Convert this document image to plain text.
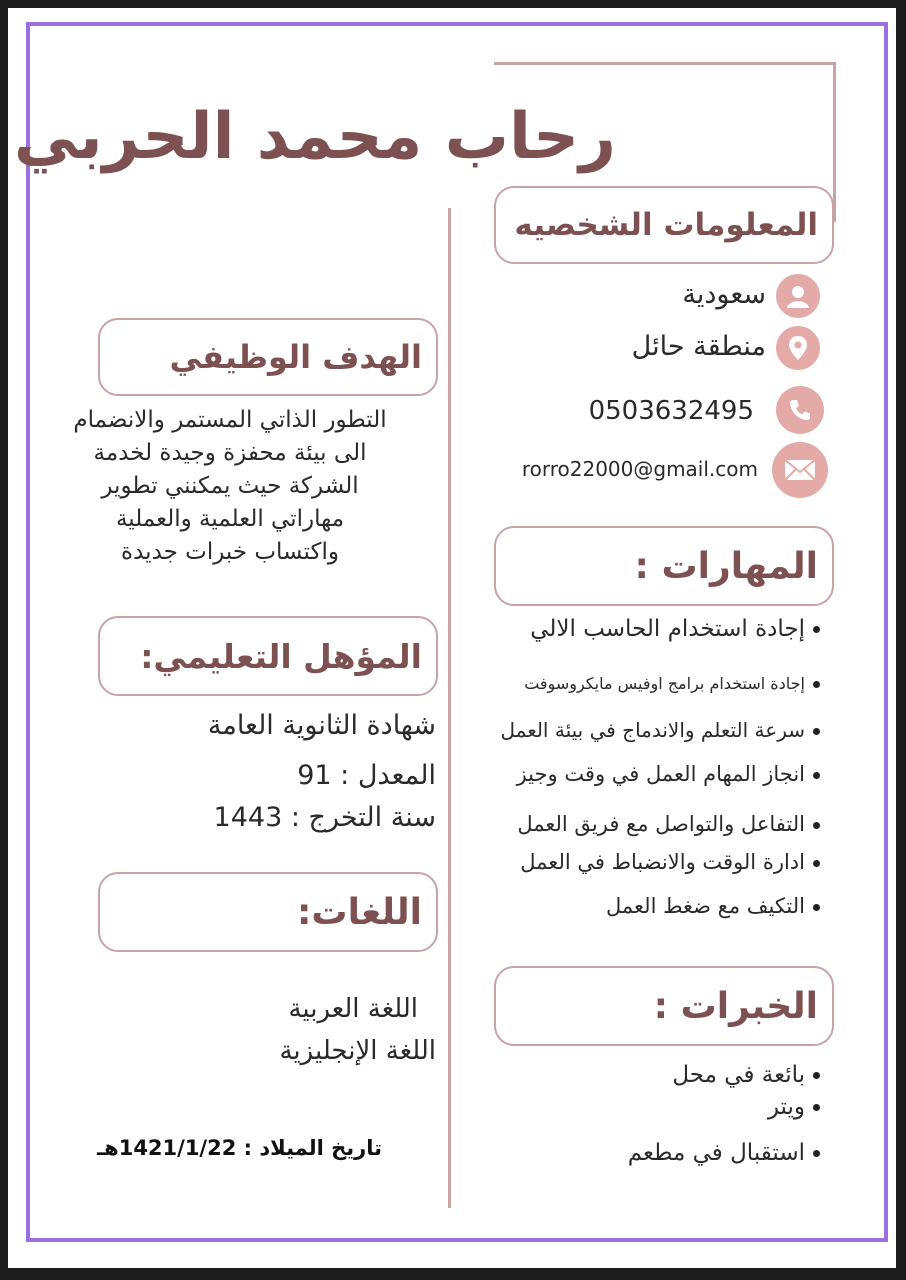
رحاب محمد الحربي
المعلومات الشخصيه
سعودية
منطقة حائل
0503632495
rorro22000@gmail.com
المهارات :
إجادة استخدام الحاسب الالي
إجادة استخدام برامج اوفيس مايكروسوفت
سرعة التعلم والاندماج في بيئة العمل
انجاز المهام العمل في وقت وجيز
التفاعل والتواصل مع فريق العمل
ادارة الوقت والانضباط في العمل
التكيف مع ضغط العمل
الخبرات :
بائعة في محل
ويتر
استقبال في مطعم
الهدف الوظيفي
التطور الذاتي المستمر والانضمام
الى بيئة محفزة وجيدة لخدمة
الشركة حيث يمكنني تطوير
مهاراتي العلمية والعملية
واكتساب خبرات جديدة
المؤهل التعليمي:
شهادة الثانوية العامة
المعدل : 91
سنة التخرج : 1443
اللغات:
اللغة العربية
اللغة الإنجليزية
تاريخ الميلاد : 1421/1/22هـ
